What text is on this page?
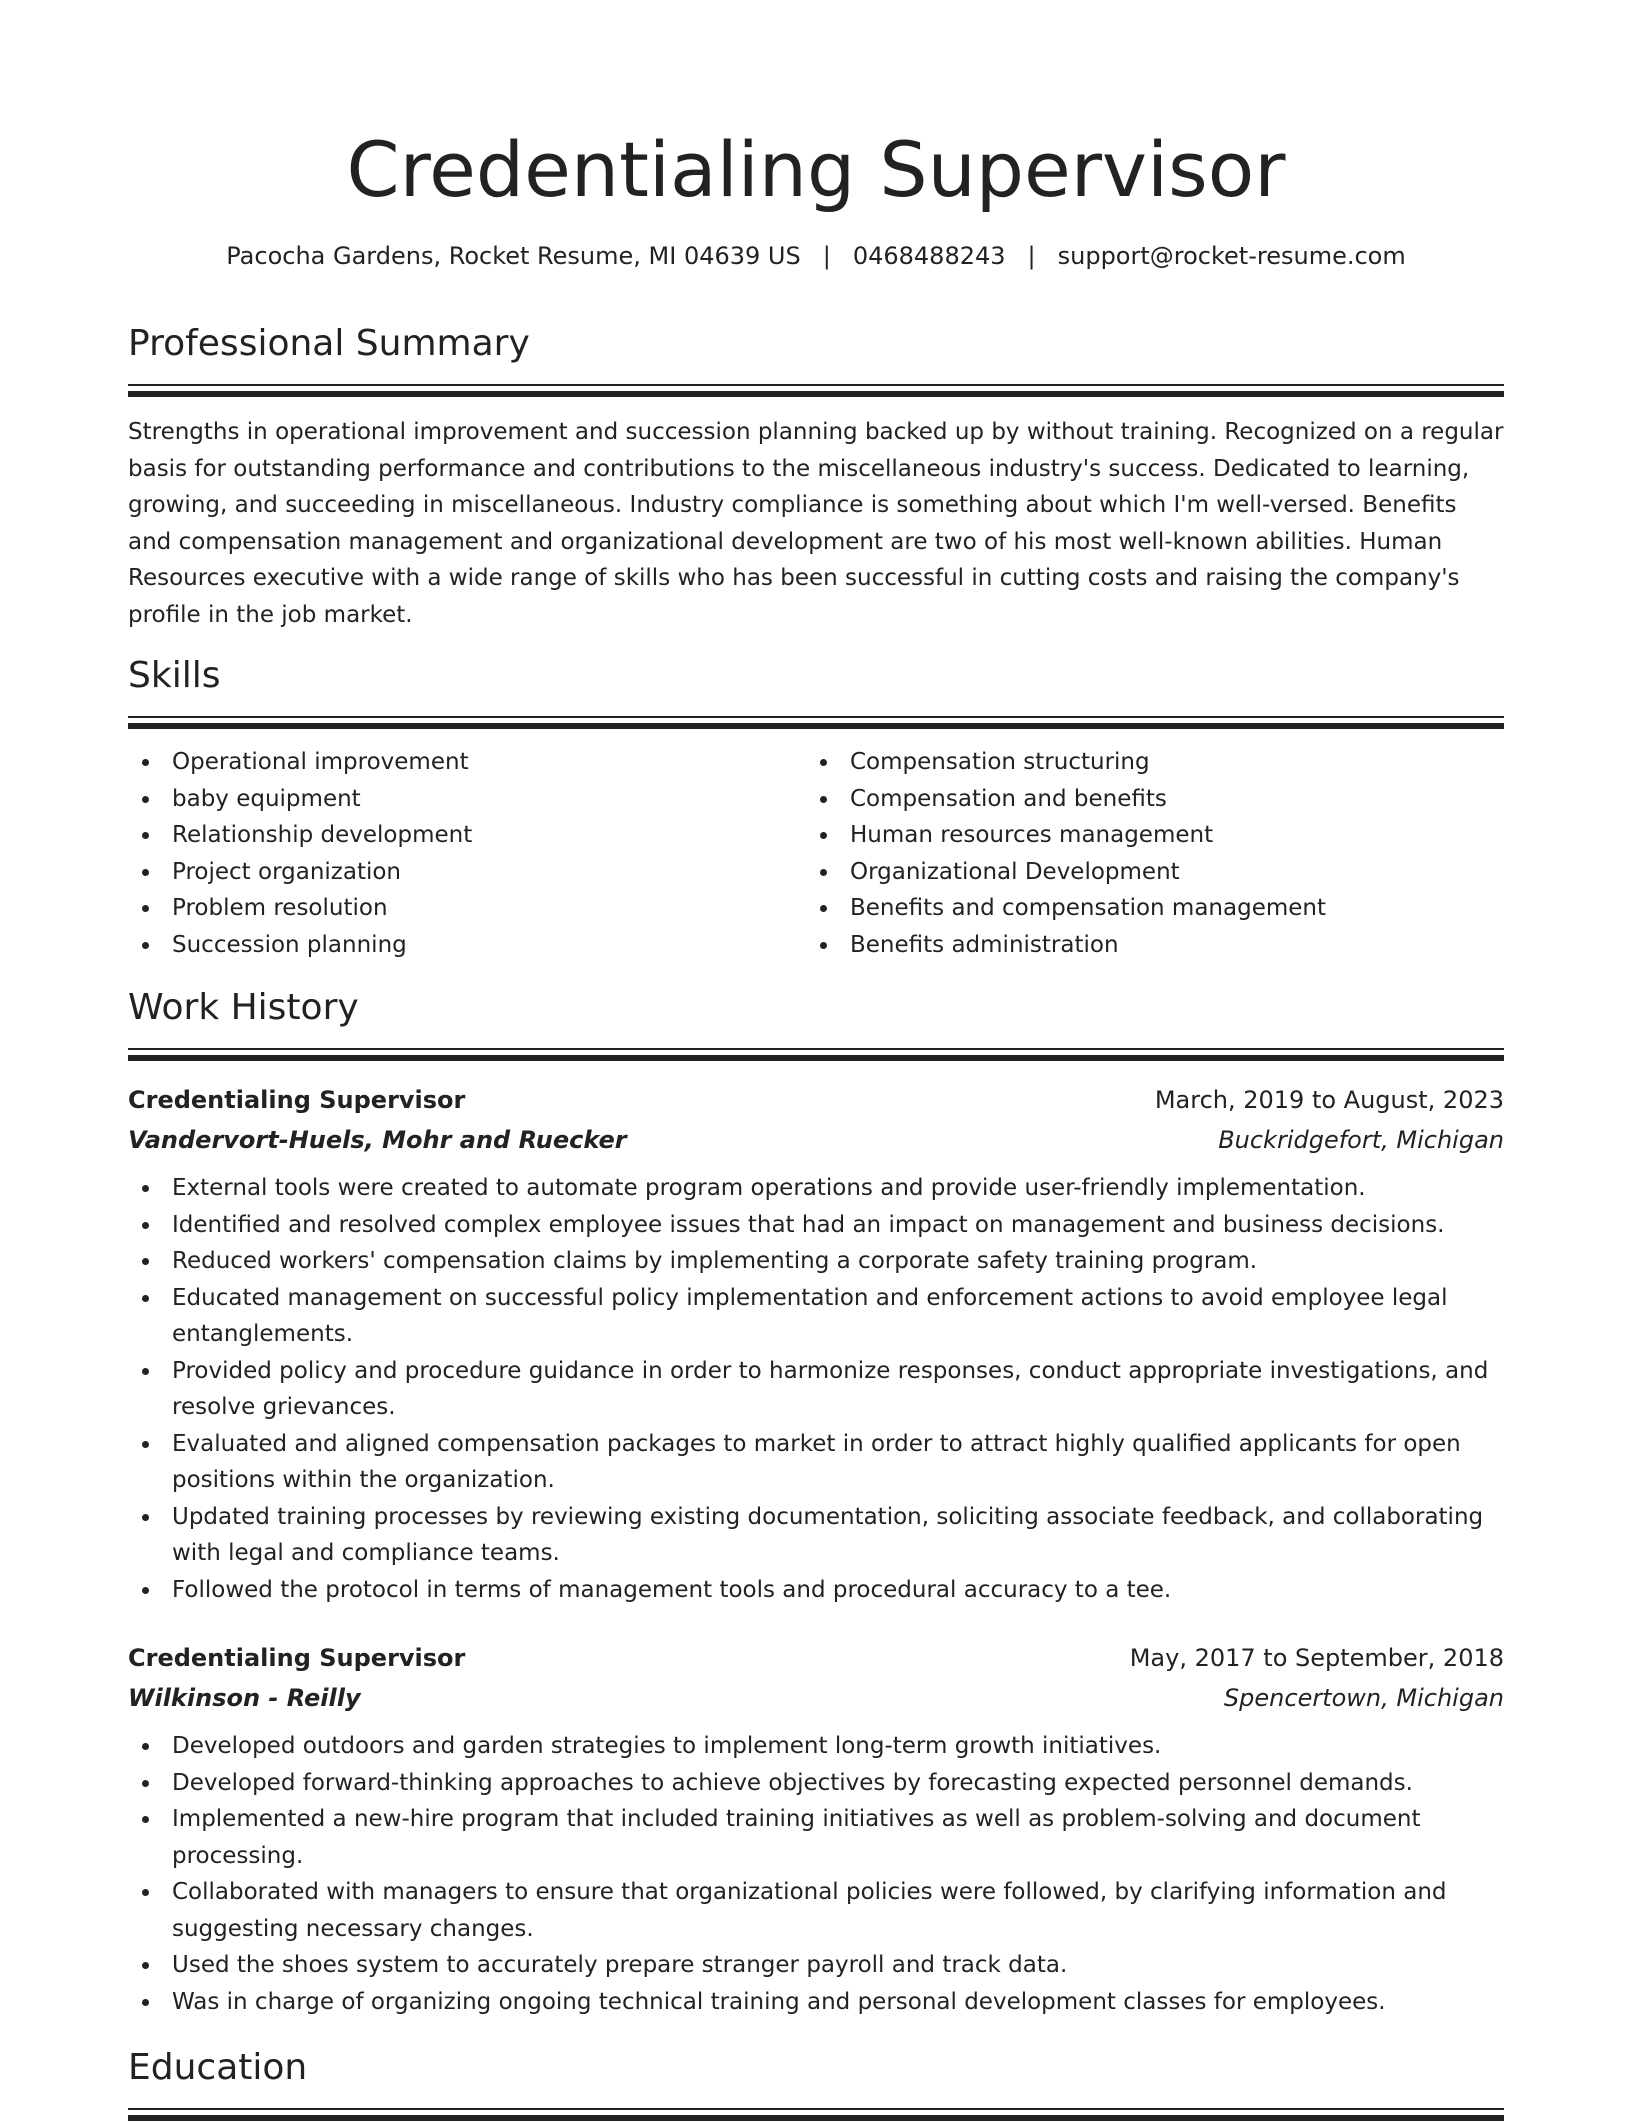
Credentialing Supervisor
Pacocha Gardens, Rocket Resume, MI 04639 US | 0468488243 | support@rocket-resume.com
Professional Summary
Strengths in operational improvement and succession planning backed up by without training. Recognized on a regular basis for outstanding performance and contributions to the miscellaneous industry's success. Dedicated to learning, growing, and succeeding in miscellaneous. Industry compliance is something about which I'm well-versed. Benefits and compensation management and organizational development are two of his most well-known abilities. Human Resources executive with a wide range of skills who has been successful in cutting costs and raising the company's profile in the job market.
Skills
Operational improvement
baby equipment
Relationship development
Project organization
Problem resolution
Succession planning
Compensation structuring
Compensation and benefits
Human resources management
Organizational Development
Benefits and compensation management
Benefits administration
Work History
Credentialing Supervisor	March, 2019 to August, 2023
Vandervort-Huels, Mohr and Ruecker	Buckridgefort, Michigan
External tools were created to automate program operations and provide user-friendly implementation.
Identified and resolved complex employee issues that had an impact on management and business decisions.
Reduced workers' compensation claims by implementing a corporate safety training program.
Educated management on successful policy implementation and enforcement actions to avoid employee legal entanglements.
Provided policy and procedure guidance in order to harmonize responses, conduct appropriate investigations, and resolve grievances.
Evaluated and aligned compensation packages to market in order to attract highly qualified applicants for open positions within the organization.
Updated training processes by reviewing existing documentation, soliciting associate feedback, and collaborating with legal and compliance teams.
Followed the protocol in terms of management tools and procedural accuracy to a tee.
Credentialing Supervisor	May, 2017 to September, 2018
Wilkinson - Reilly	Spencertown, Michigan
Developed outdoors and garden strategies to implement long-term growth initiatives.
Developed forward-thinking approaches to achieve objectives by forecasting expected personnel demands.
Implemented a new-hire program that included training initiatives as well as problem-solving and document processing.
Collaborated with managers to ensure that organizational policies were followed, by clarifying information and suggesting necessary changes.
Used the shoes system to accurately prepare stranger payroll and track data.
Was in charge of organizing ongoing technical training and personal development classes for employees.
Education
